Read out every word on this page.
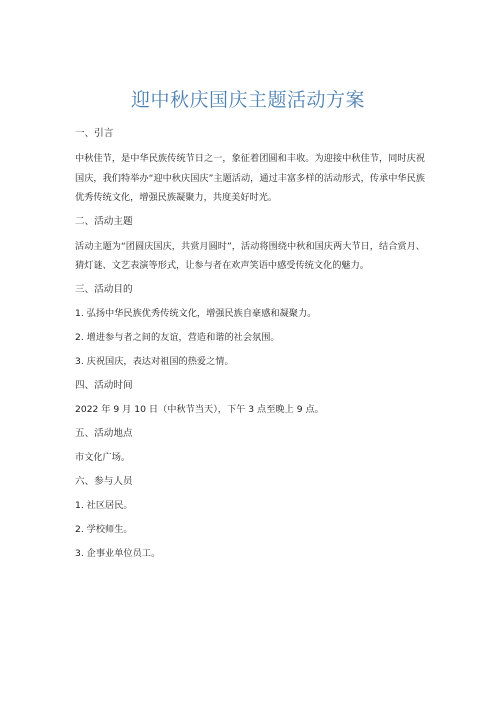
迎中秋庆国庆主题活动方案
一、引言
中秋佳节，是中华民族传统节日之一，象征着团圆和丰收。为迎接中秋佳节，同时庆祝国庆，我们特举办“迎中秋庆国庆”主题活动，通过丰富多样的活动形式，传承中华民族优秀传统文化，增强民族凝聚力，共度美好时光。
二、活动主题
活动主题为“团圆庆国庆，共赏月圆时”，活动将围绕中秋和国庆两大节日，结合赏月、猜灯谜、文艺表演等形式，让参与者在欢声笑语中感受传统文化的魅力。
三、活动目的
1. 弘扬中华民族优秀传统文化，增强民族自豪感和凝聚力。
2. 增进参与者之间的友谊，营造和谐的社会氛围。
3. 庆祝国庆，表达对祖国的热爱之情。
四、活动时间
2022 年 9 月 10 日（中秋节当天），下午 3 点至晚上 9 点。
五、活动地点
市文化广场。
六、参与人员
1. 社区居民。
2. 学校师生。
3. 企事业单位员工。
